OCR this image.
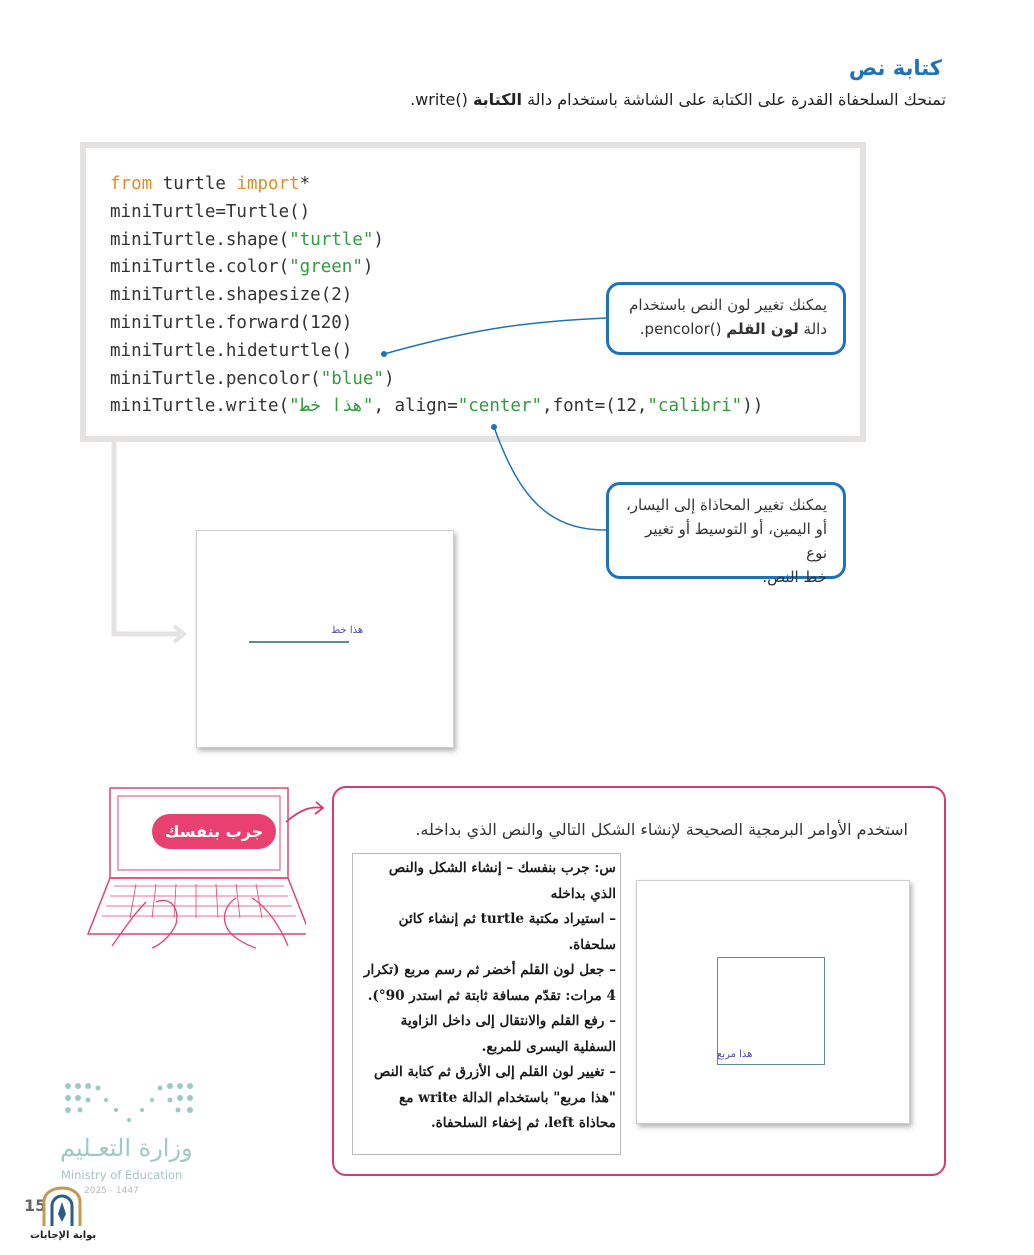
كتابة نص
تمنحك السلحفاة القدرة على الكتابة على الشاشة باستخدام دالة الكتابة ()write.
from turtle import*
miniTurtle=Turtle()
miniTurtle.shape("turtle")
miniTurtle.color("green")
miniTurtle.shapesize(2)
miniTurtle.forward(120)
miniTurtle.hideturtle()
miniTurtle.pencolor("blue")
miniTurtle.write("هذا خط", align="center",font=(12,"calibri"))
يمكنك تغيير لون النص باستخدام
دالة لون القلم ()pencolor.
يمكنك تغيير المحاذاة إلى اليسار،
أو اليمين، أو التوسيط أو تغيير نوع
خط النص.
هذا خط
جرب بنفسك	استخدم الأوامر البرمجية الصحيحة لإنشاء الشكل التالي والنص الذي بداخله.
س: جرب بنفسك – إنشاء الشكل والنص
الذي بداخله
– استيراد مكتبة turtle ثم إنشاء كائن
سلحفاة.
– جعل لون القلم أخضر ثم رسم مربع (تكرار
4 مرات: تقدّم مسافة ثابتة ثم استدر 90°).
– رفع القلم والانتقال إلى داخل الزاوية
السفلية اليسرى للمربع.
– تغيير لون القلم إلى الأزرق ثم كتابة النص
"هذا مربع" باستخدام الدالة write مع
محاذاة left، ثم إخفاء السلحفاة.
هذا مربع
وزارة التعـليم
Ministry of Education
2025 - 1447
15
بوابة الإجابات
